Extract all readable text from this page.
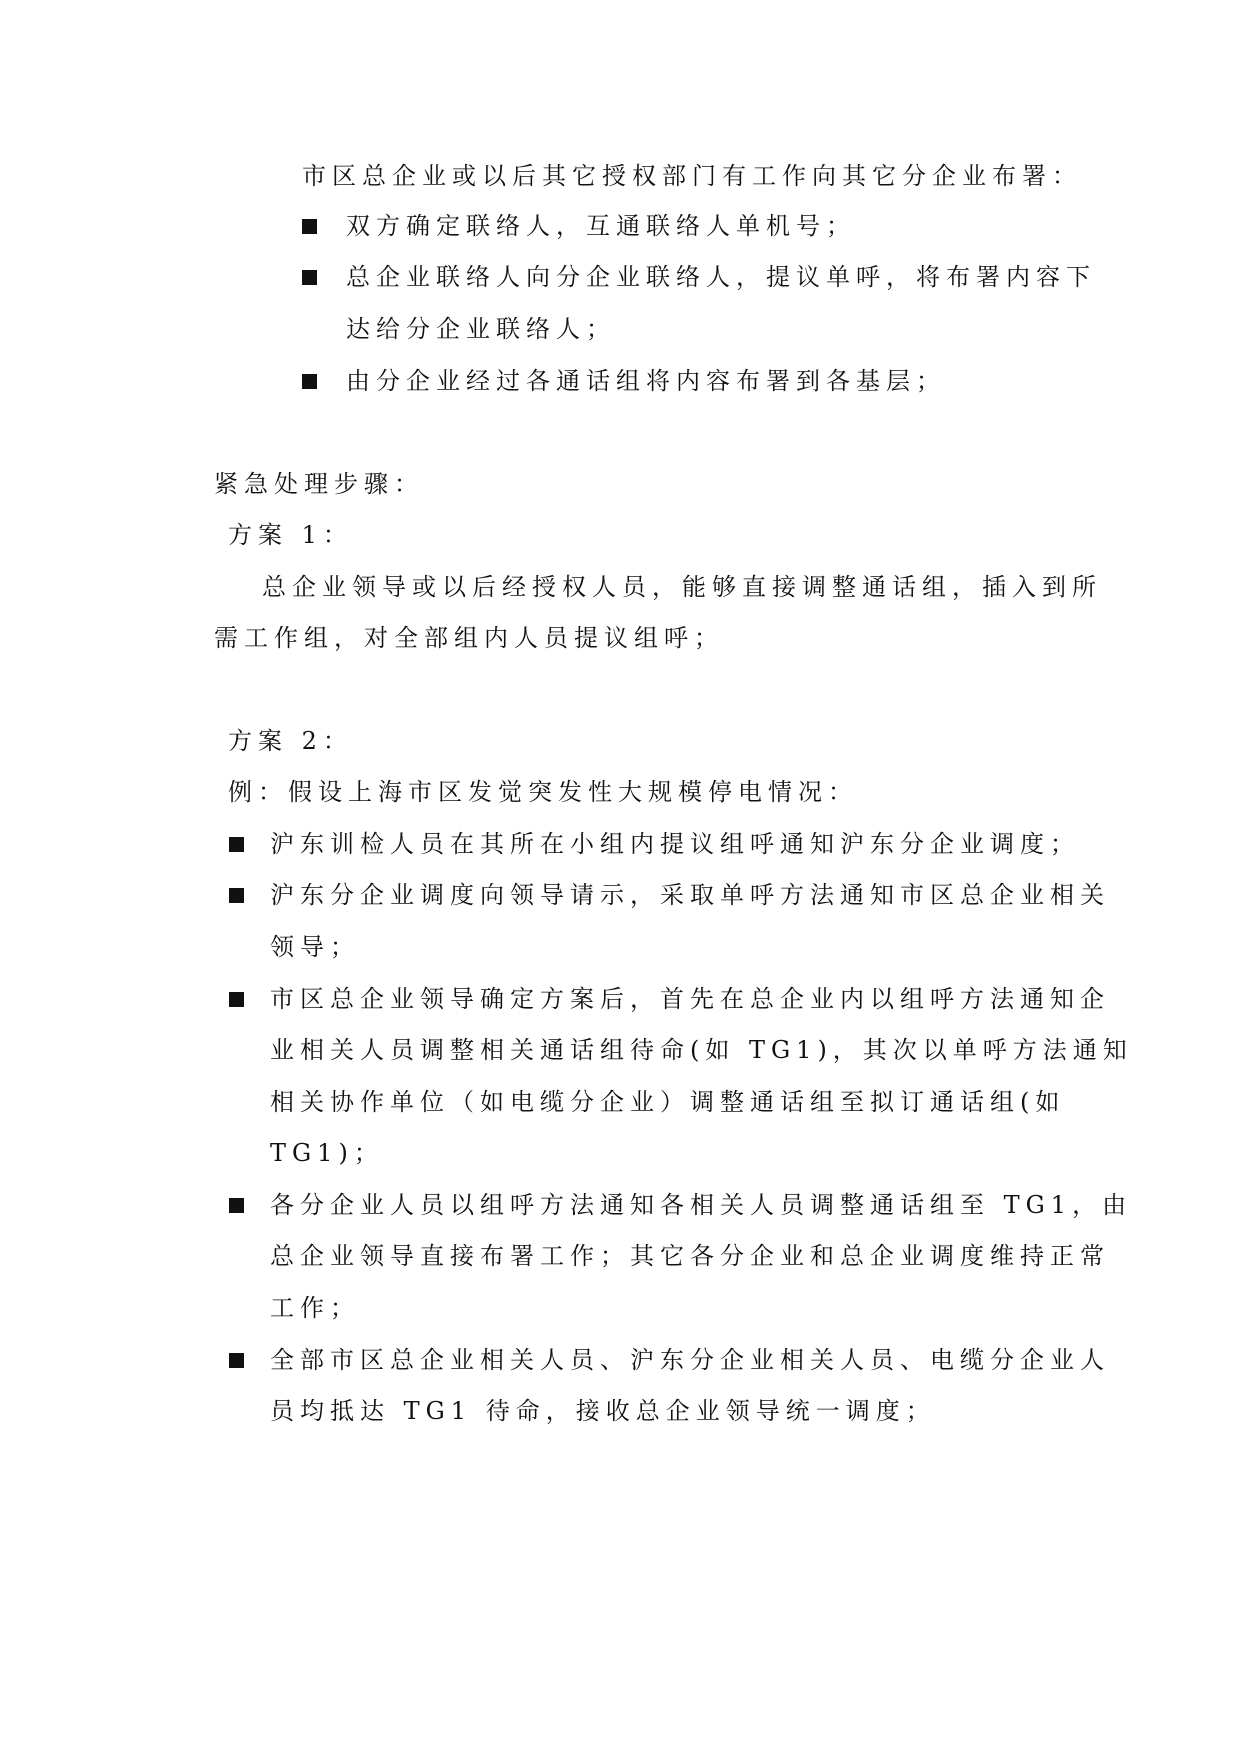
市区总企业或以后其它授权部门有工作向其它分企业布署：
双方确定联络人，互通联络人单机号；
总企业联络人向分企业联络人，提议单呼，将布署内容下
达给分企业联络人；
由分企业经过各通话组将内容布署到各基层；
紧急处理步骤：
方案 1：
总企业领导或以后经授权人员，能够直接调整通话组，插入到所
需工作组，对全部组内人员提议组呼；
方案 2：
例：假设上海市区发觉突发性大规模停电情况：
沪东训检人员在其所在小组内提议组呼通知沪东分企业调度；
沪东分企业调度向领导请示，采取单呼方法通知市区总企业相关
领导；
市区总企业领导确定方案后，首先在总企业内以组呼方法通知企
业相关人员调整相关通话组待命(如 TG1)，其次以单呼方法通知
相关协作单位（如电缆分企业）调整通话组至拟订通话组(如
TG1)；
各分企业人员以组呼方法通知各相关人员调整通话组至 TG1，由
总企业领导直接布署工作；其它各分企业和总企业调度维持正常
工作；
全部市区总企业相关人员、沪东分企业相关人员、电缆分企业人
员均抵达 TG1 待命，接收总企业领导统一调度；
